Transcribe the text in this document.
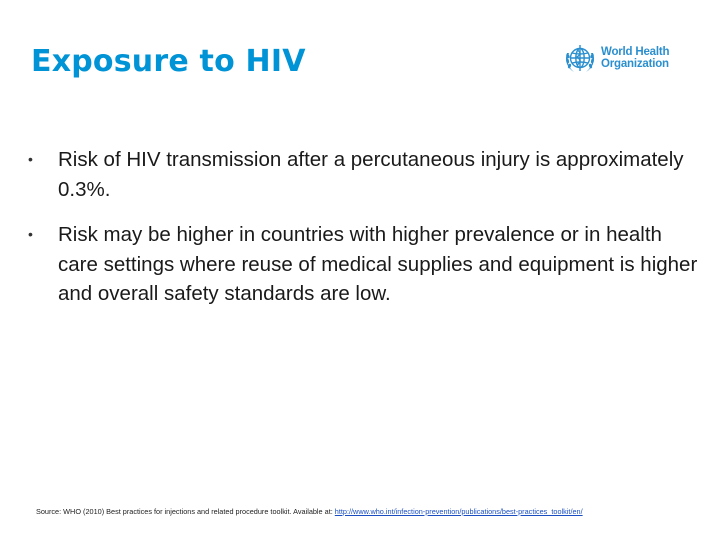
Exposure to HIV	World Health
Organization
• Risk of HIV transmission after a percutaneous injury is approximately 0.3%.
• Risk may be higher in countries with higher prevalence or in health care settings where reuse of medical supplies and equipment is higher and overall safety standards are low.
Source: WHO (2010) Best practices for injections and related procedure toolkit. Available at: http://www.who.int/infection-prevention/publications/best-practices_toolkit/en/
